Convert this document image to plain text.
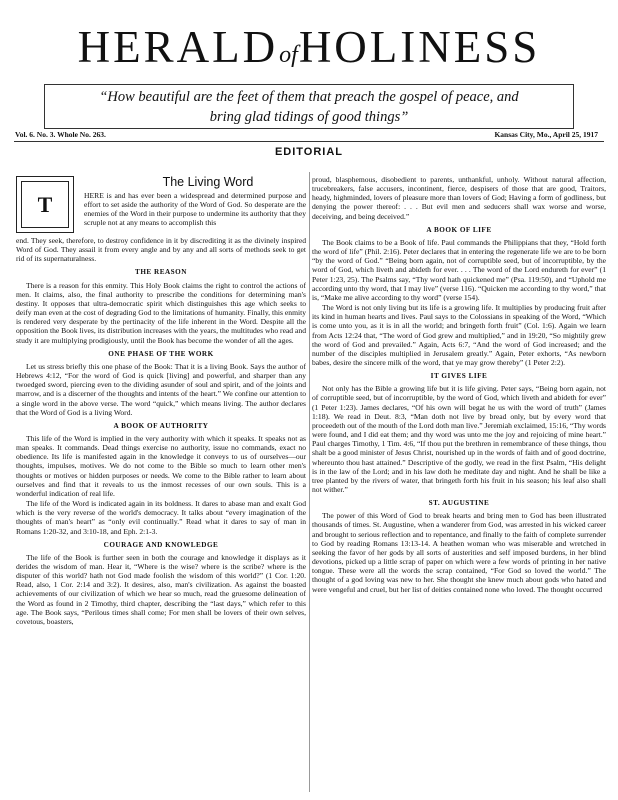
HERALDofHOLINESS
“How beautiful are the feet of them that preach the gospel of peace, and
bring glad tidings of good things”
Vol. 6. No. 3. Whole No. 263.	Kansas City, Mo., April 25, 1917
EDITORIAL
T
The Living Word
HERE is and has ever been a widespread and determined purpose and effort to set aside the authority of the Word of God. So desperate are the enemies of the Word in their purpose to undermine its authority that they scruple not at any means to accomplish this

end. They seek, therefore, to destroy confidence in it by discrediting it as the divinely inspired Word of God. They assail it from every angle and by any and all sorts of methods seek to get rid of its supernaturalness.

THE REASON

There is a reason for this enmity. This Holy Book claims the right to control the actions of men. It claims, also, the final authority to prescribe the conditions for determining man's destiny. It opposes that ultra-democratic spirit which distinguishes this age which seeks to deify man even at the cost of degrading God to the limitations of humanity. Finally, this enmity is rendered very desperate by the pertinacity of the life inherent in the Word. Despite all the opposition the Book lives, its distribution increases with the years, the multitudes who read and study it are multiplying prodigiously, until the Book has become the wonder of all the ages.

ONE PHASE OF THE WORK

Let us stress briefly this one phase of the Book: That it is a living Book. Says the author of Hebrews 4:12, “For the word of God is quick [living] and powerful, and sharper than any twoedged sword, piercing even to the dividing asunder of soul and spirit, and of the joints and marrow, and is a discerner of the thoughts and intents of the heart.” We confine our attention to a single word in the above verse. The word “quick,” which means living. The author declares that the Word of God is a living Word.

A BOOK OF AUTHORITY

This life of the Word is implied in the very authority with which it speaks. It speaks not as man speaks. It commands. Dead things exercise no authority, issue no commands, exact no obedience. Its life is manifested again in the knowledge it conveys to us of ourselves—our thoughts, impulses, motives. We do not come to the Bible so much to learn other men's thoughts or motives or hidden purposes or needs. We come to the Bible rather to learn about ourselves and find that it reveals to us the inmost recesses of our own souls. This is a wonderful indication of real life.

The life of the Word is indicated again in its boldness. It dares to abase man and exalt God which is the very reverse of the world's democracy. It talks about “every imagination of the thoughts of man's heart” as “only evil continually.” Read what it dares to say of man in Romans 1:20-32, and 3:10-18, and Eph. 2:1-3.

COURAGE AND KNOWLEDGE

The life of the Book is further seen in both the courage and knowledge it displays as it derides the wisdom of man. Hear it, “Where is the wise? where is the scribe? where is the disputer of this world? hath not God made foolish the wisdom of this world?” (1 Cor. 1:20. Read, also, 1 Cor. 2:14 and 3:2). It desires, also, man's civilization. As against the boasted achievements of our civilization of which we hear so much, read the gruesome delineation of the Word as found in 2 Timothy, third chapter, describing the “last days,” which refer to this age. The Book says, “Perilous times shall come; For men shall be lovers of their own selves, covetous, boasters,

proud, blasphemous, disobedient to parents, unthankful, unholy. Without natural affection, trucebreakers, false accusers, incontinent, fierce, despisers of those that are good, Traitors, heady, highminded, lovers of pleasure more than lovers of God; Having a form of godliness, but denying the power thereof: . . . But evil men and seducers shall wax worse and worse, deceiving, and being deceived.”

A BOOK OF LIFE

The Book claims to be a Book of life. Paul commands the Philippians that they, “Hold forth the word of life” (Phil. 2:16). Peter declares that in entering the regenerate life we are to be born “by the word of God.” “Being born again, not of corruptible seed, but of incorruptible, by the word of God, which liveth and abideth for ever. . . . The word of the Lord endureth for ever” (1 Peter 1:23, 25). The Psalms say, “Thy word hath quickened me” (Psa. 119:50), and “Uphold me according unto thy word, that I may live” (verse 116). “Quicken me according to thy word,” that is, “Make me alive according to thy word” (verse 154).

The Word is not only living but its life is a growing life. It multiplies by producing fruit after its kind in human hearts and lives. Paul says to the Colossians in speaking of the Word, “Which is come unto you, as it is in all the world; and bringeth forth fruit” (Col. 1:6). Again we learn from Acts 12:24 that, “The word of God grew and multiplied,” and in 19:20, “So mightily grew the word of God and prevailed.” Again, Acts 6:7, “And the word of God increased; and the number of the disciples multiplied in Jerusalem greatly.” Again, Peter exhorts, “As newborn babes, desire the sincere milk of the word, that ye may grow thereby” (1 Peter 2:2).

IT GIVES LIFE

Not only has the Bible a growing life but it is life giving. Peter says, “Being born again, not of corruptible seed, but of incorruptible, by the word of God, which liveth and abideth for ever” (1 Peter 1:23). James declares, “Of his own will begat he us with the word of truth” (James 1:18). We read in Deut. 8:3, “Man doth not live by bread only, but by every word that proceedeth out of the mouth of the Lord doth man live.” Jeremiah exclaimed, 15:16, “Thy words were found, and I did eat them; and thy word was unto me the joy and rejoicing of mine heart.” Paul charges Timothy, 1 Tim. 4:6, “If thou put the brethren in remembrance of these things, thou shalt be a good minister of Jesus Christ, nourished up in the words of faith and of good doctrine, whereunto thou hast attained.” Descriptive of the godly, we read in the first Psalm, “His delight is in the law of the Lord; and in his law doth he meditate day and night. And he shall be like a tree planted by the rivers of water, that bringeth forth his fruit in his season; his leaf also shall not wither.”

ST. AUGUSTINE

The power of this Word of God to break hearts and bring men to God has been illustrated thousands of times. St. Augustine, when a wanderer from God, was arrested in his wicked career and brought to serious reflection and to repentance, and finally to the faith of complete surrender to God by reading Romans 13:13-14. A heathen woman who was miserable and wretched in seeking the favor of her gods by all sorts of austerities and self imposed burdens, in her blind devotions, picked up a little scrap of paper on which were a few words of printing in her native tongue. These were all the words the scrap contained, “For God so loved the world.” The thought of a god loving was new to her. She thought she knew much about gods who hated and were vengeful and cruel, but her list of deities contained none who loved. The thought occurred
